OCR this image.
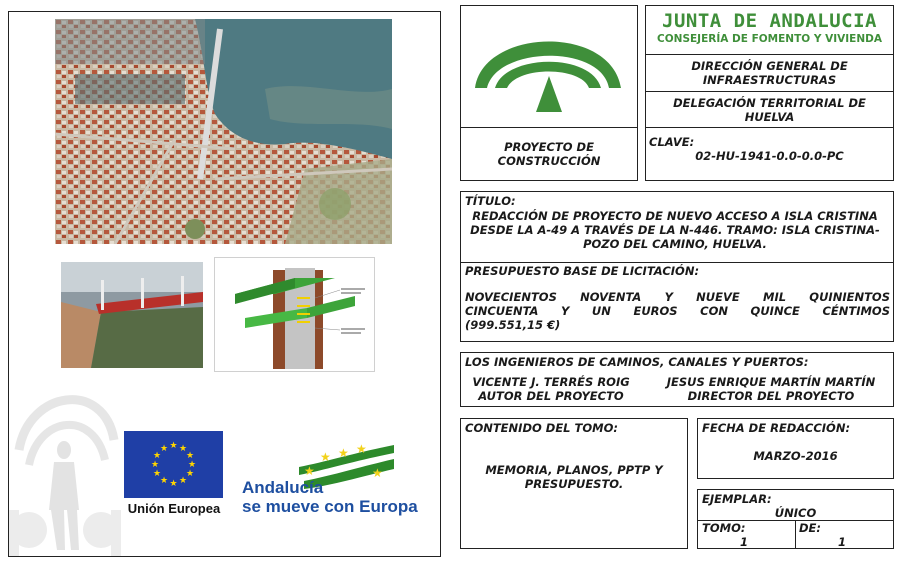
★ ★
★
★
★
★
★
★
★
★
★
★
Unión Europea
★
★ ★ ★
★
Andalucía
se mueve con Europa
PROYECTO DE CONSTRUCCIÓN
JUNTA DE ANDALUCIA
CONSEJERÍA DE FOMENTO Y VIVIENDA
DIRECCIÓN GENERAL DE INFRAESTRUCTURAS
DELEGACIÓN TERRITORIAL DE HUELVA
CLAVE:
02-HU-1941-0.0-0.0-PC
TÍTULO:
REDACCIÓN DE PROYECTO DE NUEVO ACCESO A ISLA CRISTINA DESDE LA A-49 A TRAVÉS DE LA N-446. TRAMO: ISLA CRISTINA-POZO DEL CAMINO, HUELVA.
PRESUPUESTO BASE DE LICITACIÓN:
NOVECIENTOS NOVENTA Y NUEVE MIL QUINIENTOS
CINCUENTA Y UN EUROS CON QUINCE CÉNTIMOS
(999.551,15 €)
LOS INGENIEROS DE CAMINOS, CANALES Y PUERTOS:
VICENTE J. TERRÉS ROIG
AUTOR DEL PROYECTO
JESUS ENRIQUE MARTÍN MARTÍN
DIRECTOR DEL PROYECTO
CONTENIDO DEL TOMO:
MEMORIA, PLANOS, PPTP Y PRESUPUESTO.
FECHA DE REDACCIÓN:
MARZO-2016
EJEMPLAR:
ÚNICO
TOMO:
1
DE:
1
